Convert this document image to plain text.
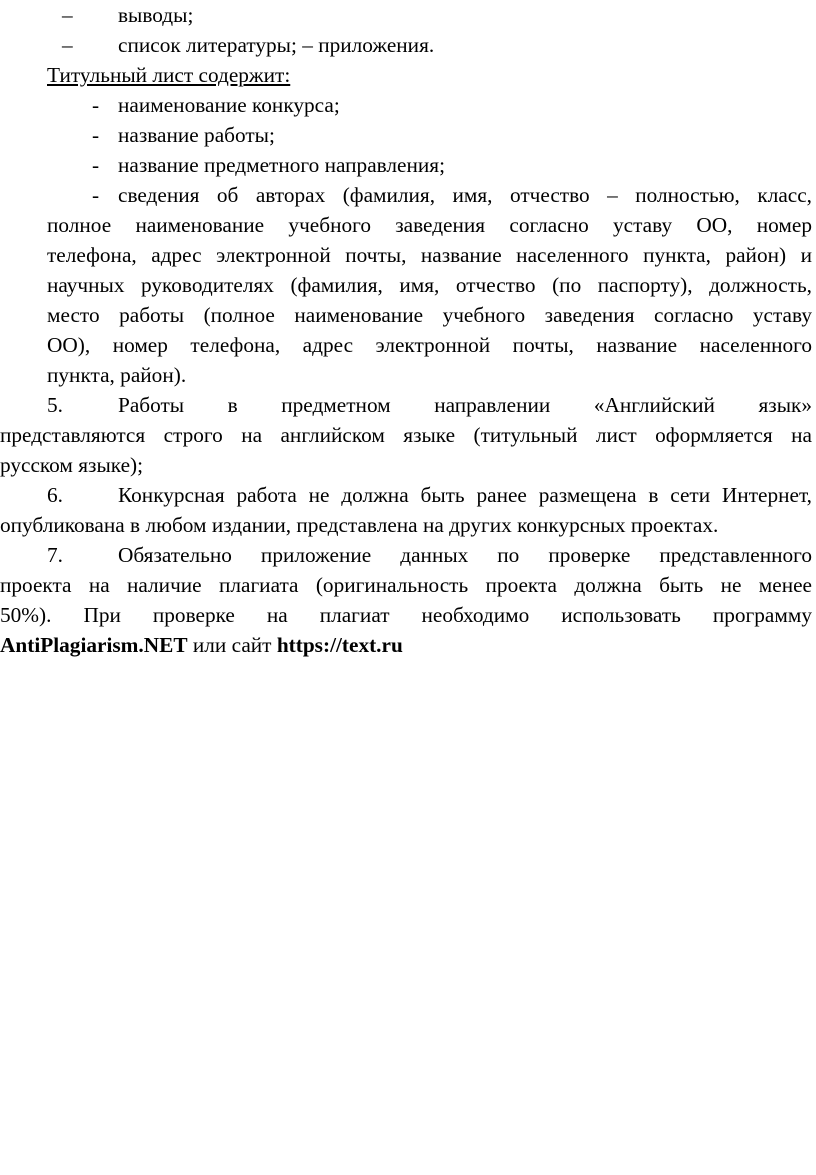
– выводы;
– список литературы; – приложения.
Титульный лист содержит:
- наименование конкурса;
- название работы;
- название предметного направления;
- сведения об авторах (фамилия, имя, отчество – полностью, класс,
полное наименование учебного заведения согласно уставу ОО, номер
телефона, адрес электронной почты, название населенного пункта, район) и
научных руководителях (фамилия, имя, отчество (по паспорту), должность,
место работы (полное наименование учебного заведения согласно уставу
ОО), номер телефона, адрес электронной почты, название населенного
пункта, район).
5.	Работы в предметном направлении «Английский язык»
представляются строго на английском языке (титульный лист оформляется на
русском языке);
6.	Конкурсная работа не должна быть ранее размещена в сети Интернет,
опубликована в любом издании, представлена на других конкурсных проектах.
7.	Обязательно приложение данных по проверке представленного
проекта на наличие плагиата (оригинальность проекта должна быть не менее
50%). При проверке на плагиат необходимо использовать программу
AntiPlagiarism.NET или сайт https://text.ru
